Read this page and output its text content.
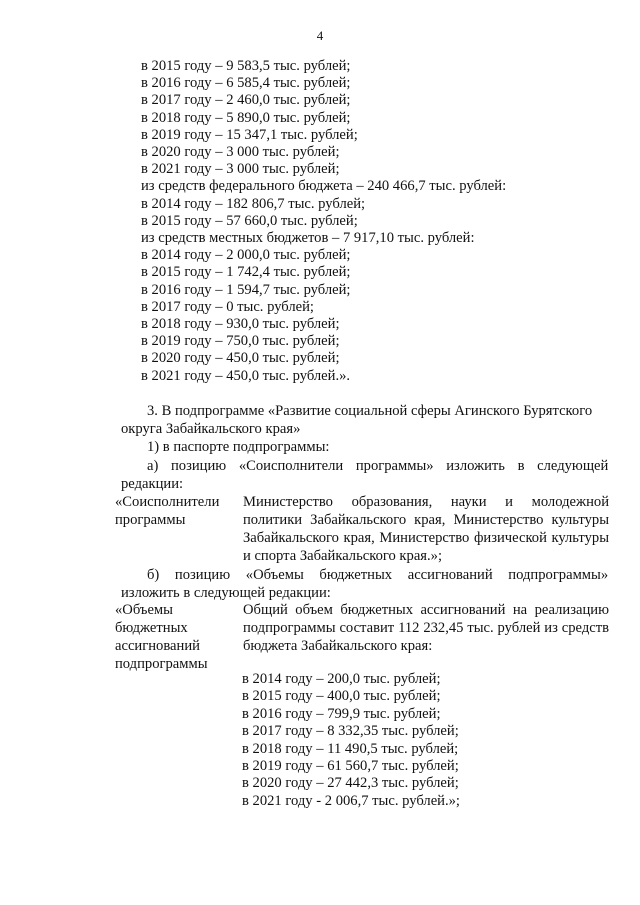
4
в 2015 году – 9 583,5 тыс. рублей;
в 2016 году – 6 585,4 тыс. рублей;
в 2017 году – 2 460,0 тыс. рублей;
в 2018 году – 5 890,0 тыс. рублей;
в 2019 году – 15 347,1 тыс. рублей;
в 2020 году – 3 000 тыс. рублей;
в 2021 году – 3 000 тыс. рублей;
из средств федерального бюджета – 240 466,7 тыс. рублей:
в 2014 году – 182 806,7 тыс. рублей;
в 2015 году – 57 660,0 тыс. рублей;
из средств местных бюджетов – 7 917,10 тыс. рублей:
в 2014 году – 2 000,0 тыс. рублей;
в 2015 году – 1 742,4 тыс. рублей;
в 2016 году – 1 594,7 тыс. рублей;
в 2017 году – 0 тыс. рублей;
в 2018 году – 930,0 тыс. рублей;
в 2019 году – 750,0 тыс. рублей;
в 2020 году – 450,0 тыс. рублей;
в 2021 году – 450,0 тыс. рублей.».
3. В подпрограмме «Развитие социальной сферы Агинского Бурятского
округа Забайкальского края»
1) в паспорте подпрограммы:
а) позицию «Соисполнители программы» изложить в следующей
редакции:
«Соисполнители
программы
Министерство образования, науки и молодежной политики Забайкальского края, Министерство культуры Забайкальского края, Министерство физической культуры и спорта Забайкальского края.»;
б) позицию «Объемы бюджетных ассигнований подпрограммы»
изложить в следующей редакции:
«Объемы
бюджетных
ассигнований
подпрограммы
Общий объем бюджетных ассигнований на реализацию подпрограммы составит 112 232,45 тыс. рублей из средств бюджета Забайкальского края:
в 2014 году – 200,0 тыс. рублей;
в 2015 году – 400,0 тыс. рублей;
в 2016 году – 799,9 тыс. рублей;
в 2017 году – 8 332,35 тыс. рублей;
в 2018 году – 11 490,5 тыс. рублей;
в 2019 году – 61 560,7 тыс. рублей;
в 2020 году – 27 442,3 тыс. рублей;
в 2021 году - 2 006,7 тыс. рублей.»;
